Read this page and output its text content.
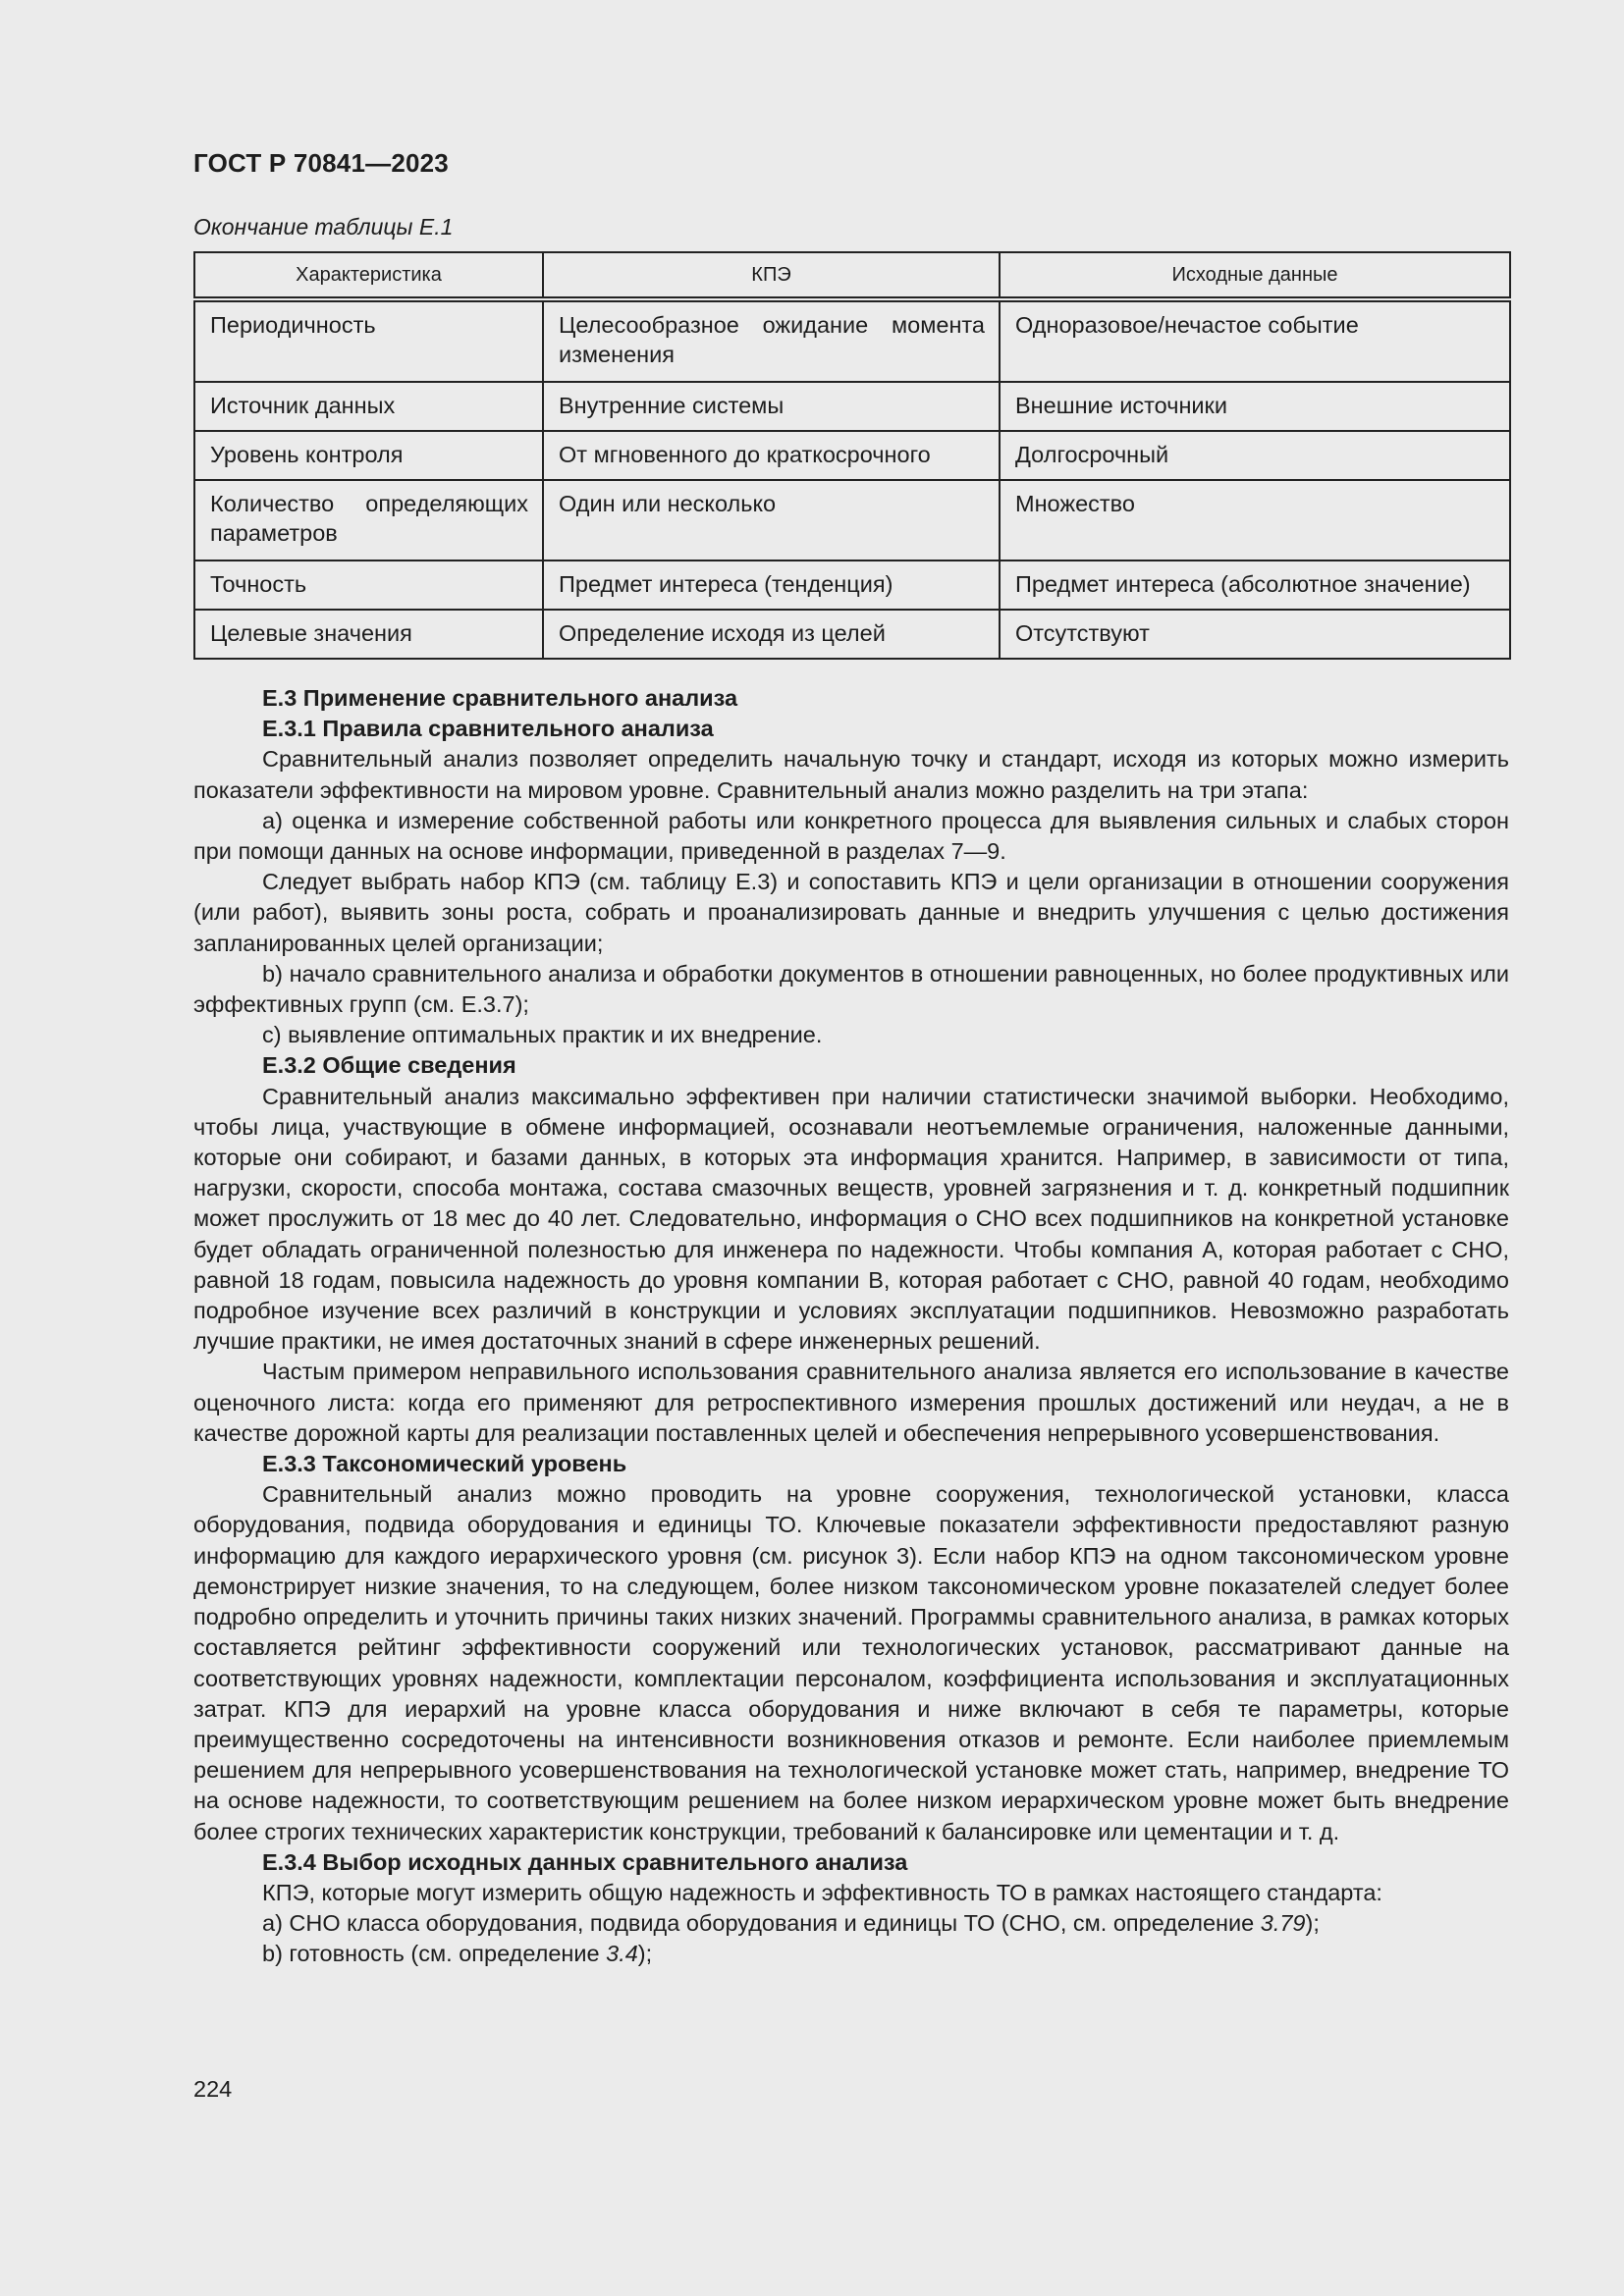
ГОСТ Р 70841—2023
Окончание таблицы Е.1
Характеристика	КПЭ	Исходные данные
Периодичность	Целесообразное ожидание момента изменения	Одноразовое/нечастое событие
Источник данных	Внутренние системы	Внешние источники
Уровень контроля	От мгновенного до краткосрочного	Долгосрочный
Количество определяющих параметров	Один или несколько	Множество
Точность	Предмет интереса (тенденция)	Предмет интереса (абсолютное значение)
Целевые значения	Определение исходя из целей	Отсутствуют
Е.3 Применение сравнительного анализа
Е.3.1 Правила сравнительного анализа

Сравнительный анализ позволяет определить начальную точку и стандарт, исходя из которых можно измерить показатели эффективности на мировом уровне. Сравнительный анализ можно разделить на три этапа:

а) оценка и измерение собственной работы или конкретного процесса для выявления сильных и слабых сторон при помощи данных на основе информации, приведенной в разделах 7—9.

Следует выбрать набор КПЭ (см. таблицу Е.3) и сопоставить КПЭ и цели организации в отношении сооружения (или работ), выявить зоны роста, собрать и проанализировать данные и внедрить улучшения с целью достижения запланированных целей организации;

b) начало сравнительного анализа и обработки документов в отношении равноценных, но более продуктивных или эффективных групп (см. Е.3.7);

c) выявление оптимальных практик и их внедрение.

Е.3.2 Общие сведения

Сравнительный анализ максимально эффективен при наличии статистически значимой выборки. Необходимо, чтобы лица, участвующие в обмене информацией, осознавали неотъемлемые ограничения, наложенные данными, которые они собирают, и базами данных, в которых эта информация хранится. Например, в зависимости от типа, нагрузки, скорости, способа монтажа, состава смазочных веществ, уровней загрязнения и т. д. конкретный подшипник может прослужить от 18 мес до 40 лет. Следовательно, информация о СНО всех подшипников на конкретной установке будет обладать ограниченной полезностью для инженера по надежности. Чтобы компания А, которая работает с СНО, равной 18 годам, повысила надежность до уровня компании В, которая работает с СНО, равной 40 годам, необходимо подробное изучение всех различий в конструкции и условиях эксплуатации подшипников. Невозможно разработать лучшие практики, не имея достаточных знаний в сфере инженерных решений.

Частым примером неправильного использования сравнительного анализа является его использование в качестве оценочного листа: когда его применяют для ретроспективного измерения прошлых достижений или неудач, а не в качестве дорожной карты для реализации поставленных целей и обеспечения непрерывного усовершенствования.

Е.3.3 Таксономический уровень

Сравнительный анализ можно проводить на уровне сооружения, технологической установки, класса оборудования, подвида оборудования и единицы ТО. Ключевые показатели эффективности предоставляют разную информацию для каждого иерархического уровня (см. рисунок 3). Если набор КПЭ на одном таксономическом уровне демонстрирует низкие значения, то на следующем, более низком таксономическом уровне показателей следует более подробно определить и уточнить причины таких низких значений. Программы сравнительного анализа, в рамках которых составляется рейтинг эффективности сооружений или технологических установок, рассматривают данные на соответствующих уровнях надежности, комплектации персоналом, коэффициента использования и эксплуатационных затрат. КПЭ для иерархий на уровне класса оборудования и ниже включают в себя те параметры, которые преимущественно сосредоточены на интенсивности возникновения отказов и ремонте. Если наиболее приемлемым решением для непрерывного усовершенствования на технологической установке может стать, например, внедрение ТО на основе надежности, то соответствующим решением на более низком иерархическом уровне может быть внедрение более строгих технических характеристик конструкции, требований к балансировке или цементации и т. д.

Е.3.4 Выбор исходных данных сравнительного анализа

КПЭ, которые могут измерить общую надежность и эффективность ТО в рамках настоящего стандарта:

а) СНО класса оборудования, подвида оборудования и единицы ТО (СНО, см. определение 3.79);

b) готовность (см. определение 3.4);

224
